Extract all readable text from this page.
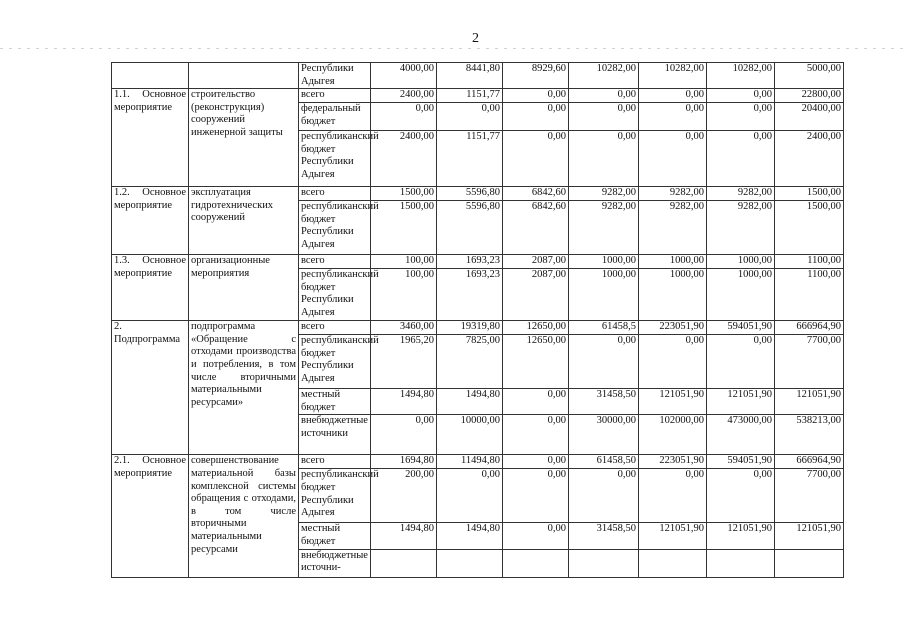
2
		Республики Адыгея	4000,00	8441,80	8929,60	10282,00	10282,00	10282,00	5000,00
1.1. Основное мероприятие	строительство (реконструкция) сооружений инженерной защиты	всего	2400,00	1151,77	0,00	0,00	0,00	0,00	22800,00
		федеральный бюджет	0,00	0,00	0,00	0,00	0,00	0,00	20400,00
		республиканский бюджет Республики Адыгея	2400,00	1151,77	0,00	0,00	0,00	0,00	2400,00
1.2. Основное мероприятие	эксплуатация гидротехнических сооружений	всего	1500,00	5596,80	6842,60	9282,00	9282,00	9282,00	1500,00
		республиканский бюджет Республики Адыгея	1500,00	5596,80	6842,60	9282,00	9282,00	9282,00	1500,00
1.3. Основное мероприятие	организационные мероприятия	всего	100,00	1693,23	2087,00	1000,00	1000,00	1000,00	1100,00
		республиканский бюджет Республики Адыгея	100,00	1693,23	2087,00	1000,00	1000,00	1000,00	1100,00
2. Подпрограмма	подпрограмма «Обращение с отходами производства и потребления, в том числе вторичными материальными ресурсами»	всего	3460,00	19319,80	12650,00	61458,5	223051,90	594051,90	666964,90
		республиканский бюджет Республики Адыгея	1965,20	7825,00	12650,00	0,00	0,00	0,00	7700,00
		местный бюджет	1494,80	1494,80	0,00	31458,50	121051,90	121051,90	121051,90
		внебюджетные источники	0,00	10000,00	0,00	30000,00	102000,00	473000,00	538213,00
2.1. Основное мероприятие	совершенствование материальной базы комплексной системы обращения с отходами, в том числе вторичными материальными ресурсами	всего	1694,80	11494,80	0,00	61458,50	223051,90	594051,90	666964,90
		республиканский бюджет Республики Адыгея	200,00	0,00	0,00	0,00	0,00	0,00	7700,00
		местный бюджет	1494,80	1494,80	0,00	31458,50	121051,90	121051,90	121051,90
		внебюджетные источни-							
